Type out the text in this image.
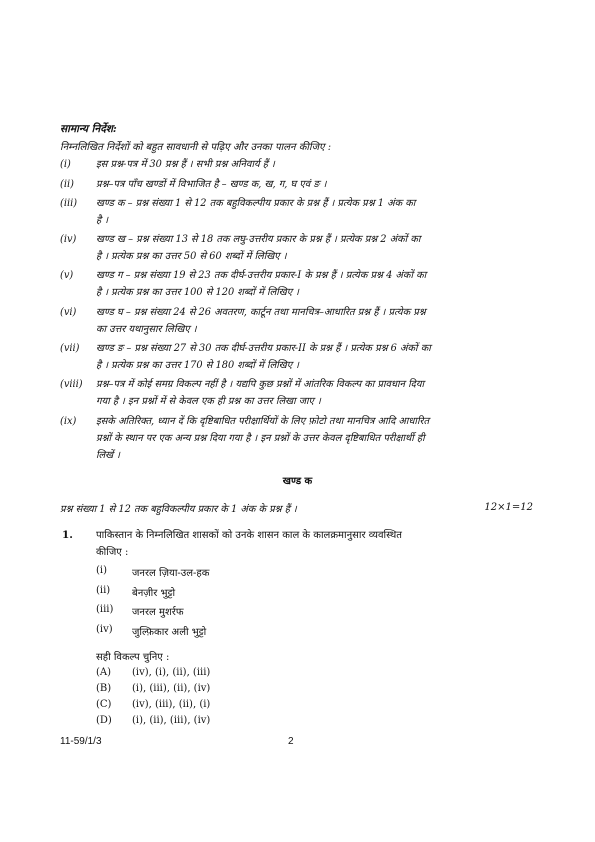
सामान्य निर्देश:
निम्नलिखित निर्देशों को बहुत सावधानी से पढ़िए और उनका पालन कीजिए :
(i)	इस प्रश्न-पत्र में 30 प्रश्न हैं । सभी प्रश्न अनिवार्य हैं ।
(ii)	प्रश्न–पत्र पाँच खण्डों में विभाजित है – खण्ड क, ख, ग, घ एवं ङ ।
(iii)	खण्ड क – प्रश्न संख्या 1 से 12 तक बहुविकल्पीय प्रकार के प्रश्न हैं । प्रत्येक प्रश्न 1 अंक का
है ।
(iv)	खण्ड ख – प्रश्न संख्या 13 से 18 तक लघु-उत्तरीय प्रकार के प्रश्न हैं । प्रत्येक प्रश्न 2 अंकों का
है । प्रत्येक प्रश्न का उत्तर 50 से 60 शब्दों में लिखिए ।
(v)	खण्ड ग – प्रश्न संख्या 19 से 23 तक दीर्घ-उत्तरीय प्रकार-I के प्रश्न हैं । प्रत्येक प्रश्न 4 अंकों का
है । प्रत्येक प्रश्न का उत्तर 100 से 120 शब्दों में लिखिए ।
(vi)	खण्ड घ – प्रश्न संख्या 24 से 26 अवतरण, कार्टून तथा मानचित्र–आधारित प्रश्न हैं । प्रत्येक प्रश्न
का उत्तर यथानुसार लिखिए ।
(vii)	खण्ड ङ – प्रश्न संख्या 27 से 30 तक दीर्घ-उत्तरीय प्रकार-II के प्रश्न हैं । प्रत्येक प्रश्न 6 अंकों का
है । प्रत्येक प्रश्न का उत्तर 170 से 180 शब्दों में लिखिए ।
(viii)	प्रश्न–पत्र में कोई समग्र विकल्प नहीं है । यद्यपि कुछ प्रश्नों में आंतरिक विकल्प का प्रावधान दिया
गया है । इन प्रश्नों में से केवल एक ही प्रश्न का उत्तर लिखा जाए ।
(ix)	इसके अतिरिक्त, ध्यान दें कि दृष्टिबाधित परीक्षार्थियों के लिए फ़ोटो तथा मानचित्र आदि आधारित
प्रश्नों के स्थान पर एक अन्य प्रश्न दिया गया है । इन प्रश्नों के उत्तर केवल दृष्टिबाधित परीक्षार्थी ही
लिखें ।
खण्ड क
प्रश्न संख्या 1 से 12 तक बहुविकल्पीय प्रकार के 1 अंक के प्रश्न हैं ।	12×1=12
1. पाकिस्तान के निम्नलिखित शासकों को उनके शासन काल के कालक्रमानुसार व्यवस्थित
कीजिए :
(i)	जनरल ज़िया-उल-हक
(ii)	बेनज़ीर भुट्टो
(iii)	जनरल मुशर्रफ
(iv)	जुल्फ़िकार अली भुट्टो
सही विकल्प चुनिए :
(A)	(iv), (i), (ii), (iii)
(B)	(i), (iii), (ii), (iv)
(C)	(iv), (iii), (ii), (i)
(D)	(i), (ii), (iii), (iv)
11-59/1/3	2
